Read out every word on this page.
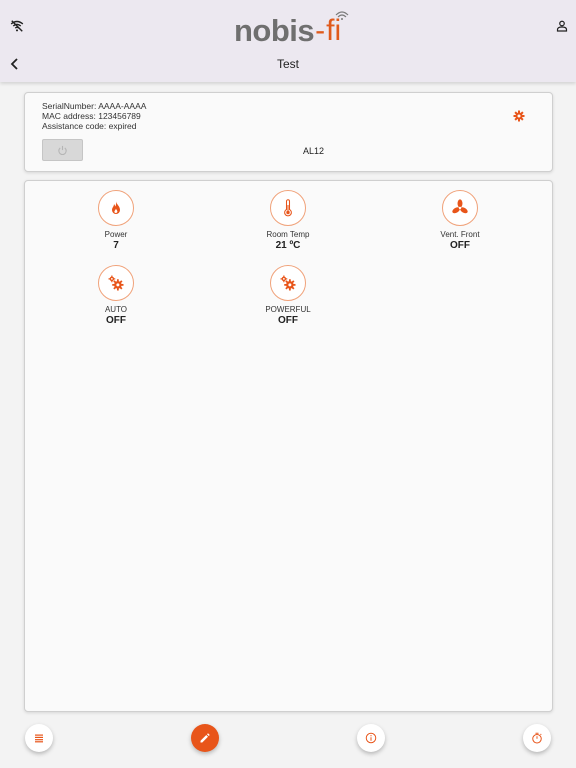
nobis - fi
Test
SerialNumber: AAAA-AAAA
MAC address: 123456789
Assistance code: expired
AL12
Power
7
Room Temp
21 ºC
Vent. Front
OFF
AUTO
OFF
POWERFUL
OFF
